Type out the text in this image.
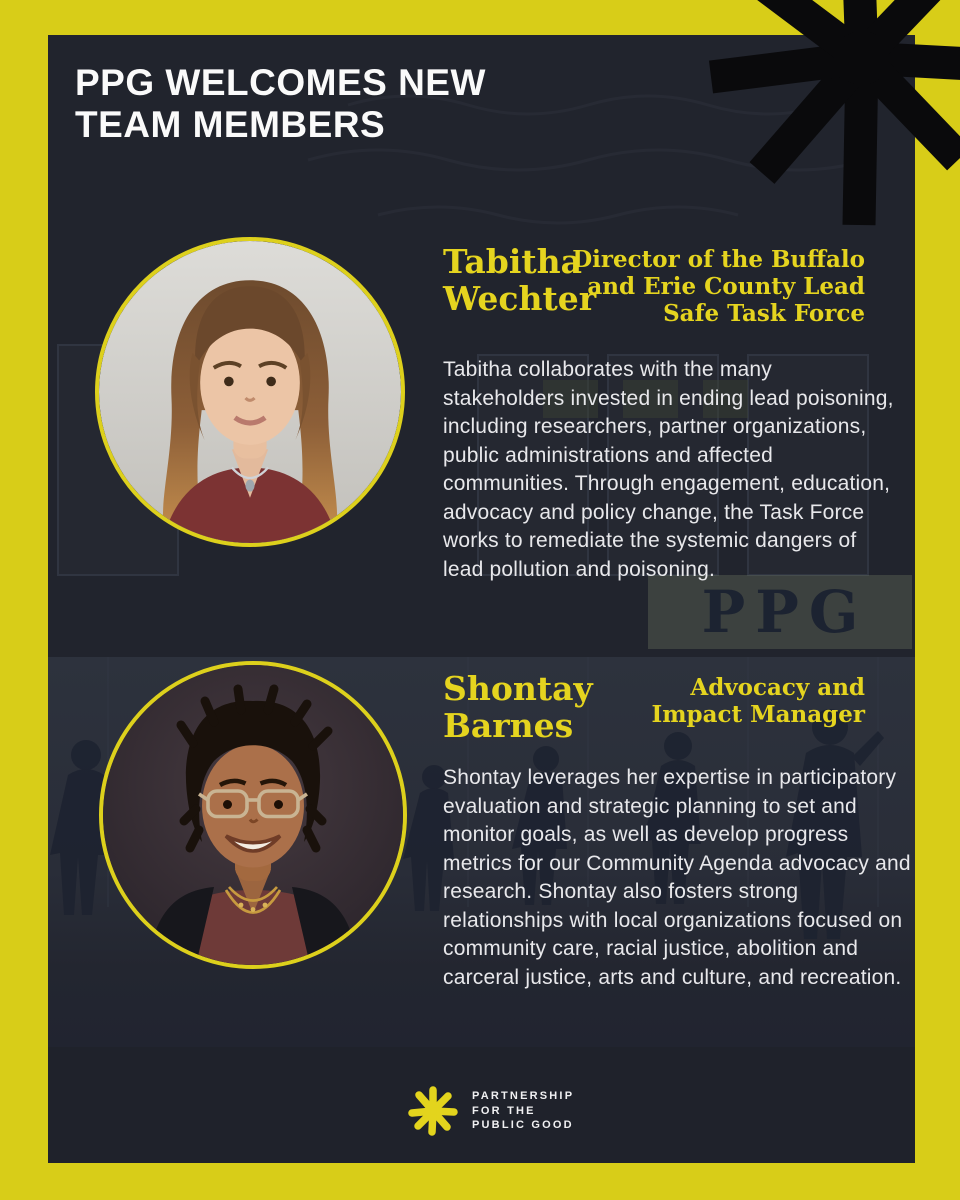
PPG
PPG WELCOMES NEW
TEAM MEMBERS
Tabitha Wechter
Director of the Buffalo and Erie County Lead Safe Task Force
Tabitha collaborates with the many stakeholders invested in ending lead poisoning, including researchers, partner organizations, public administrations and affected communities. Through engagement, education, advocacy and policy change, the Task Force works to remediate the systemic dangers of lead pollution and poisoning.
Shontay Barnes
Advocacy and Impact Manager
Shontay leverages her expertise in participatory evaluation and strategic planning to set and monitor goals, as well as develop progress metrics for our Community Agenda advocacy and research. Shontay also fosters strong relationships with local organizations focused on community care, racial justice, abolition and carceral justice, arts and culture, and recreation.
PARTNERSHIP
FOR THE
PUBLIC GOOD
